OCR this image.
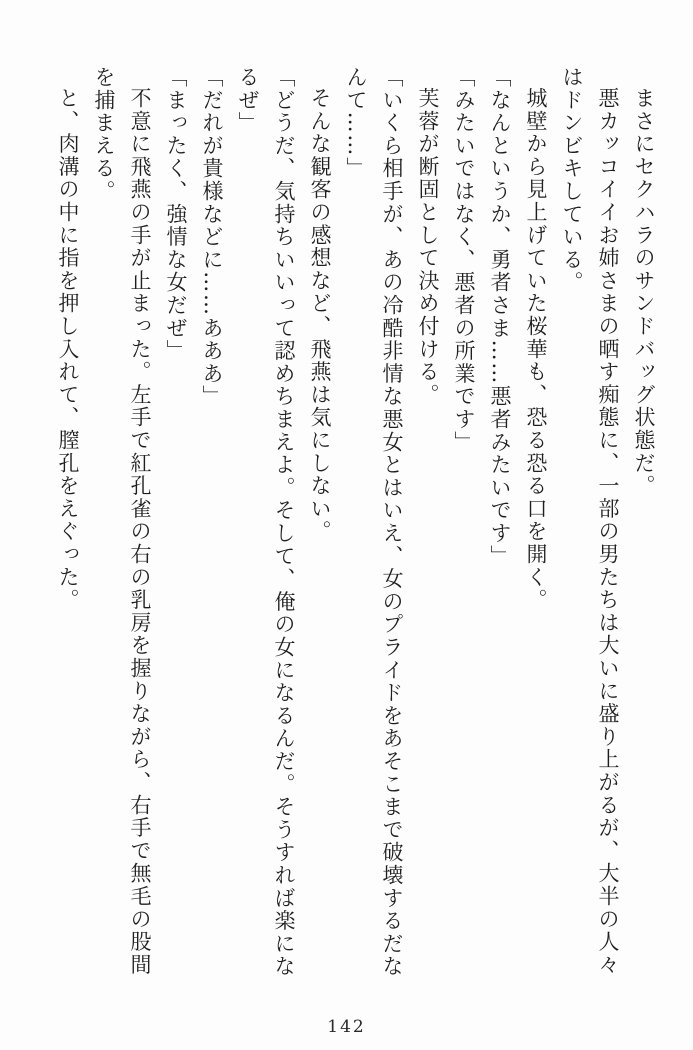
まさにセクハラのサンドバッグ状態だ。

悪カッコイイお姉さまの晒す痴態に、一部の男たちは大いに盛り上がるが、大半の人々はドンビキしている。

城壁から見上げていた桜華も、恐る恐る口を開く。

「なんというか、勇者さま……悪者みたいです」

「みたいではなく、悪者の所業です」

芙蓉が断固として決め付ける。

「いくら相手が、あの冷酷非情な悪女とはいえ、女のプライドをあそこまで破壊するだなんて……」

そんな観客の感想など、飛燕は気にしない。

「どうだ、気持ちいいって認めちまえよ。そして、俺の女になるんだ。そうすれば楽になるぜ」

「だれが貴様などに……あああ」

「まったく、強情な女だぜ」

不意に飛燕の手が止まった。左手で紅孔雀の右の乳房を握りながら、右手で無毛の股間を捕まえる。

と、肉溝の中に指を押し入れて、膣孔をえぐった。

142
